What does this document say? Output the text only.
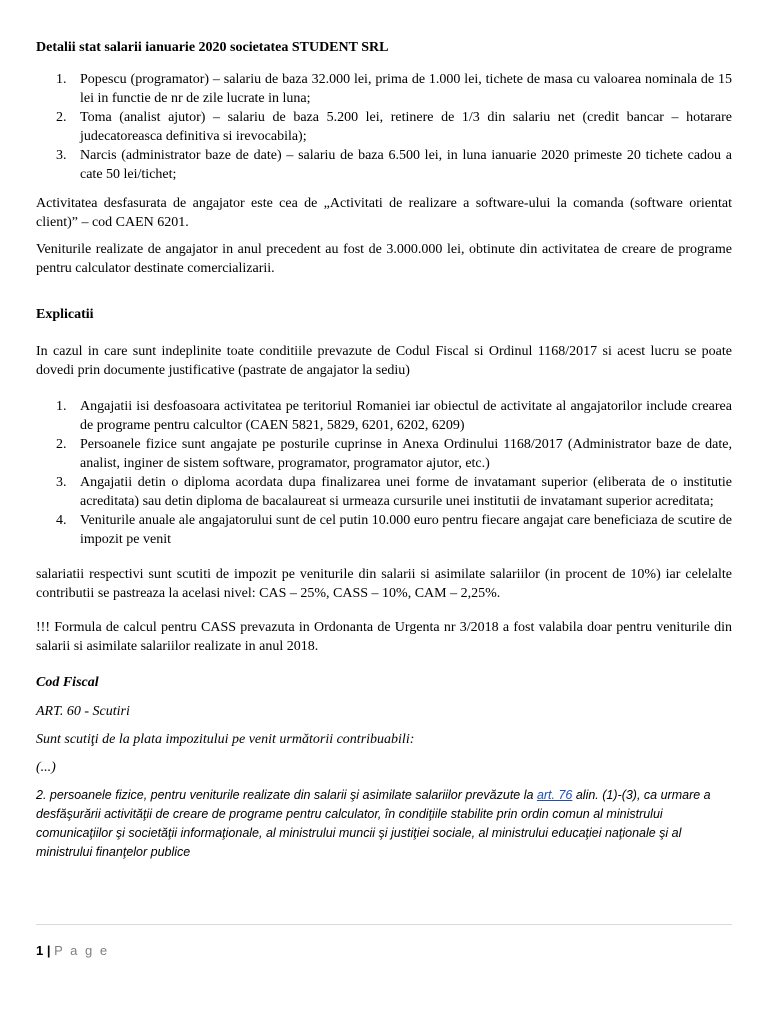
Detalii stat salarii ianuarie 2020 societatea STUDENT SRL
1. Popescu (programator) – salariu de baza 32.000 lei, prima de 1.000 lei, tichete de masa cu valoarea nominala de 15 lei in functie de nr de zile lucrate in luna;
2. Toma (analist ajutor) – salariu de baza 5.200 lei, retinere de 1/3 din salariu net (credit bancar – hotarare judecatoreasca definitiva si irevocabila);
3. Narcis (administrator baze de date) – salariu de baza 6.500 lei, in luna ianuarie 2020 primeste 20 tichete cadou a cate 50 lei/tichet;

Activitatea desfasurata de angajator este cea de „Activitati de realizare a software-ului la comanda (software orientat client)” – cod CAEN 6201.

Veniturile realizate de angajator in anul precedent au fost de 3.000.000 lei, obtinute din activitatea de creare de programe pentru calculator destinate comercializarii.

Explicatii

In cazul in care sunt indeplinite toate conditiile prevazute de Codul Fiscal si Ordinul 1168/2017 si acest lucru se poate dovedi prin documente justificative (pastrate de angajator la sediu)

1. Angajatii isi desfoasoara activitatea pe teritoriul Romaniei iar obiectul de activitate al angajatorilor include crearea de programe pentru calcultor (CAEN 5821, 5829, 6201, 6202, 6209)
2. Persoanele fizice sunt angajate pe posturile cuprinse in Anexa Ordinului 1168/2017 (Administrator baze de date, analist, inginer de sistem software, programator, programator ajutor, etc.)
3. Angajatii detin o diploma acordata dupa finalizarea unei forme de invatamant superior (eliberata de o institutie acreditata) sau detin diploma de bacalaureat si urmeaza cursurile unei institutii de invatamant superior acreditata;
4. Veniturile anuale ale angajatorului sunt de cel putin 10.000 euro pentru fiecare angajat care beneficiaza de scutire de impozit pe venit

salariatii respectivi sunt scutiti de impozit pe veniturile din salarii si asimilate salariilor (in procent de 10%) iar celelalte contributii se pastreaza la acelasi nivel: CAS – 25%, CASS – 10%, CAM – 2,25%.

!!! Formula de calcul pentru CASS prevazuta in Ordonanta de Urgenta nr 3/2018 a fost valabila doar pentru veniturile din salarii si asimilate salariilor realizate in anul 2018.

Cod Fiscal
ART. 60 - Scutiri
Sunt scutiţi de la plata impozitului pe venit următorii contribuabili:
(...)

2. persoanele fizice, pentru veniturile realizate din salarii şi asimilate salariilor prevăzute la art. 76 alin. (1)-(3), ca urmare a desfăşurării activităţii de creare de programe pentru calculator, în condiţiile stabilite prin ordin comun al ministrului comunicaţiilor şi societăţii informaţionale, al ministrului muncii şi justiţiei sociale, al ministrului educaţiei naţionale şi al ministrului finanţelor publice

1 | P a g e
